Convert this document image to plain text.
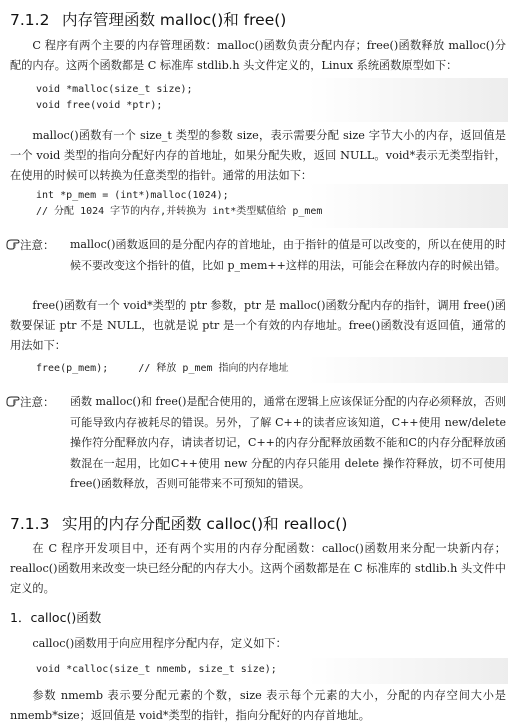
7.1.2 内存管理函数 malloc()和 free()

C 程序有两个主要的内存管理函数：malloc()函数负责分配内存；free()函数释放 malloc()分配的内存。这两个函数都是 C 标准库 stdlib.h 头文件定义的，Linux 系统函数原型如下：

void *malloc(size_t size);
void free(void *ptr);

malloc()函数有一个 size_t 类型的参数 size，表示需要分配 size 字节大小的内存，返回值是一个 void 类型的指向分配好内存的首地址，如果分配失败，返回 NULL。void*表示无类型指针，在使用的时候可以转换为任意类型的指针。通常的用法如下：

int *p_mem = (int*)malloc(1024);
// 分配 1024 字节的内存,并转换为 int*类型赋值给 p_mem
注意： malloc()函数返回的是分配内存的首地址，由于指针的值是可以改变的，所以在使用的时候不要改变这个指针的值，比如 p_mem++这样的用法，可能会在释放内存的时候出错。

free()函数有一个 void*类型的 ptr 参数，ptr 是 malloc()函数分配内存的指针，调用 free()函数要保证 ptr 不是 NULL，也就是说 ptr 是一个有效的内存地址。free()函数没有返回值，通常的用法如下：

free(p_mem);     // 释放 p_mem 指向的内存地址
注意： 函数 malloc()和 free()是配合使用的，通常在逻辑上应该保证分配的内存必须释放，否则可能导致内存被耗尽的错误。另外，了解 C++的读者应该知道，C++使用 new/delete 操作符分配释放内存，请读者切记，C++的内存分配释放函数不能和C的内存分配释放函数混在一起用，比如C++使用 new 分配的内存只能用 delete 操作符释放，切不可使用 free()函数释放，否则可能带来不可预知的错误。
7.1.3 实用的内存分配函数 calloc()和 realloc()

在 C 程序开发项目中，还有两个实用的内存分配函数：calloc()函数用来分配一块新内存；realloc()函数用来改变一块已经分配的内存大小。这两个函数都是在 C 标准库的 stdlib.h 头文件中定义的。

1．calloc()函数

calloc()函数用于向应用程序分配内存，定义如下：

void *calloc(size_t nmemb, size_t size);

参数 nmemb 表示要分配元素的个数，size 表示每个元素的大小，分配的内存空间大小是 nmemb*size；返回值是 void*类型的指针，指向分配好的内存首地址。
